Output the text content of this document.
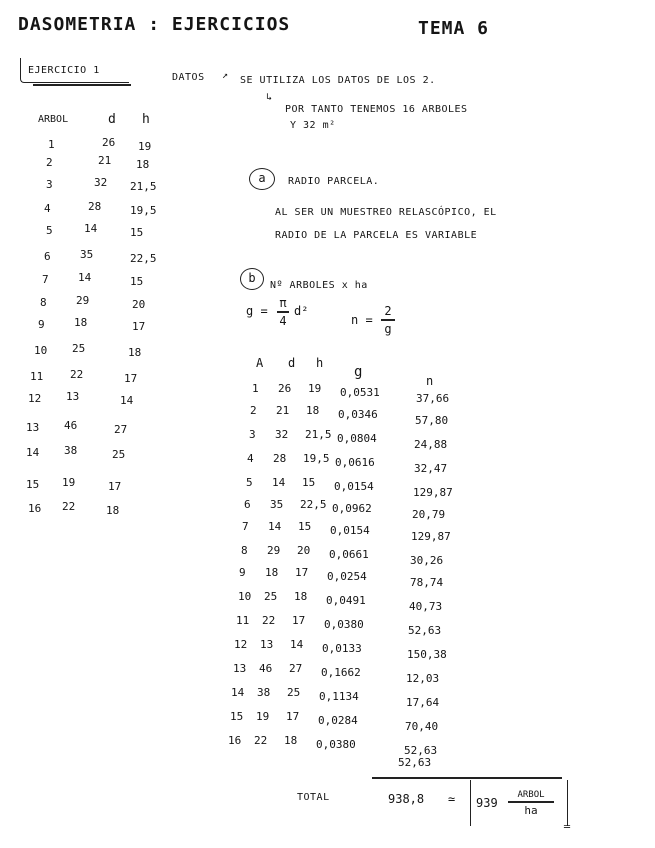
DASOMETRIA : EJERCICIOS	TEMA 6
EJERCICIO 1
DATOS ↗ SE UTILIZA LOS DATOS DE LOS 2.
↳
POR TANTO TENEMOS 16 ARBOLES
Y 32 m²
ARBOL	d h
1	26 19
2	21 18
3	32 21,5
4	28	19,5
5	14	15
6	35	22,5
7	14	15
8	29	20
9	18	17
10 25	18
11 22	17
12 13	14
13 46	27
14 38	25
15 19	17
16 22	18
a	RADIO PARCELA.
AL SER UN MUESTREO RELASCÓPICO, EL
RADIO DE LA PARCELA ES VARIABLE
b
Nº ARBOLES x ha
g =
π
4
d²
n =
2
g
A d h
g
n
1 26 19 0,0531	37,66
2 21 18 0,0346	57,80
3 32 21,5 0,0804	24,88
4 28 19,5 0,0616	32,47
5 14 15 0,0154	129,87
6 35 22,5 0,0962	20,79
7 14 15 0,0154	129,87
8 29 20 0,0661	30,26
9 18 17 0,0254	78,74
10 25 18 0,0491	40,73
11 22 17 0,0380	52,63
12 13 14 0,0133	150,38
13 46 27 0,1662	12,03
14 38 25 0,1134	17,64
15 19 17 0,0284	70,40
16 22 18 0,0380	52,63
52,63
TOTAL	938,8 ≃ 939
ARBOL
ha
═
